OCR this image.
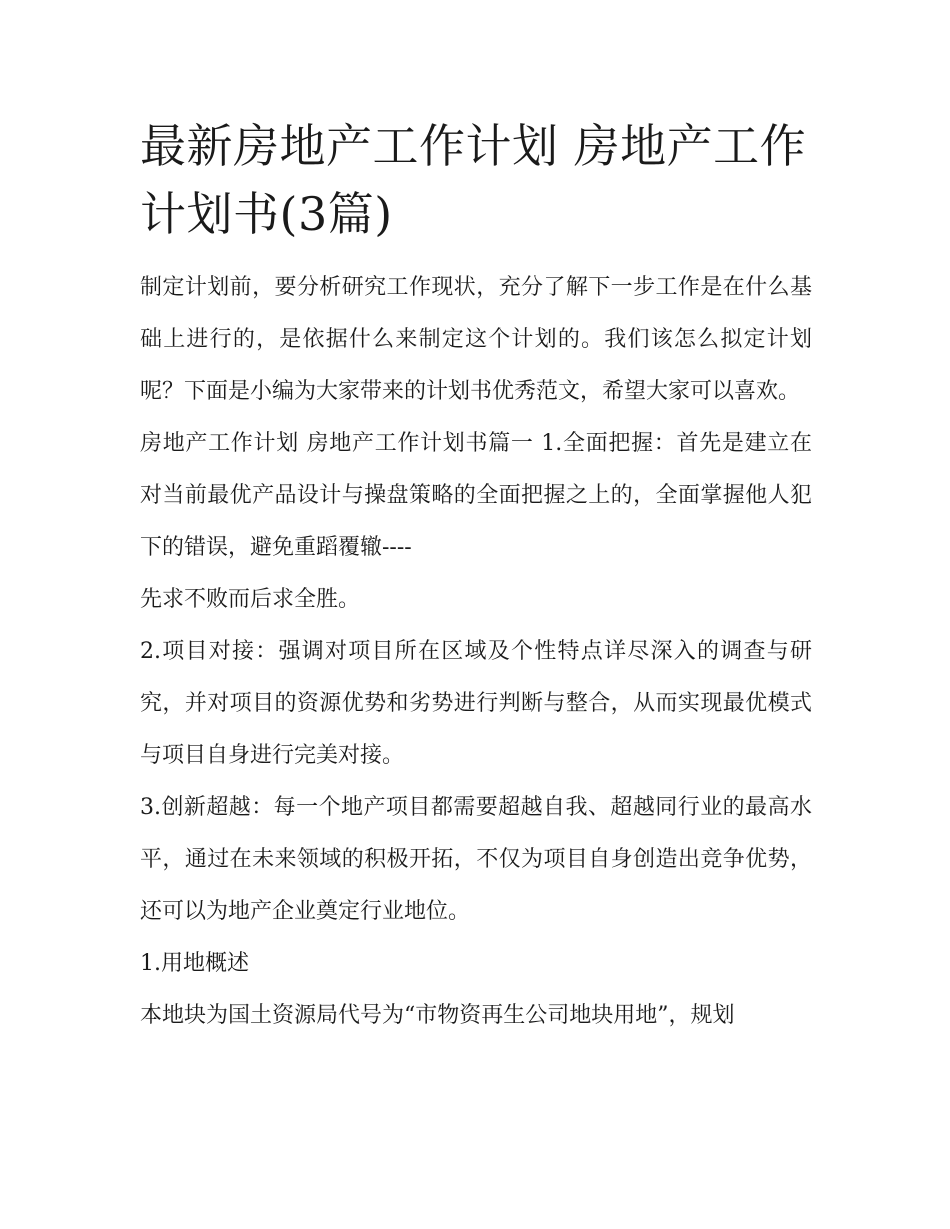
最新房地产工作计划 房地产工作计划书(3篇)

制定计划前，要分析研究工作现状，充分了解下一步工作是在什么基础上进行的，是依据什么来制定这个计划的。我们该怎么拟定计划呢？下面是小编为大家带来的计划书优秀范文，希望大家可以喜欢。

房地产工作计划 房地产工作计划书篇一 1.全面把握：首先是建立在对当前最优产品设计与操盘策略的全面把握之上的，全面掌握他人犯下的错误，避免重蹈覆辙----

先求不败而后求全胜。

2.项目对接：强调对项目所在区域及个性特点详尽深入的调查与研究，并对项目的资源优势和劣势进行判断与整合，从而实现最优模式与项目自身进行完美对接。

3.创新超越：每一个地产项目都需要超越自我、超越同行业的最高水平，通过在未来领域的积极开拓，不仅为项目自身创造出竞争优势，还可以为地产企业奠定行业地位。

1.用地概述

本地块为国土资源局代号为“市物资再生公司地块用地”，规划
